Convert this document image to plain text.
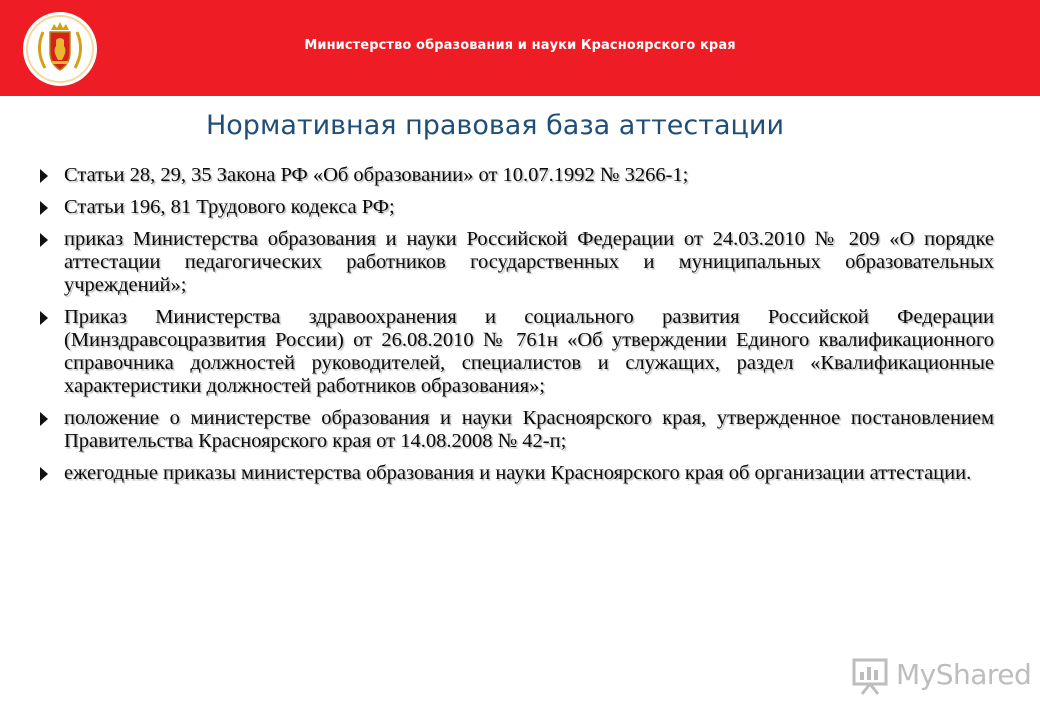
Министерство образования и науки Красноярского края
Нормативная правовая база аттестации
Статьи 28, 29, 35 Закона РФ «Об образовании» от 10.07.1992 № 3266-1;
Статьи 196, 81 Трудового кодекса РФ;
приказ Министерства образования и науки Российской Федерации от 24.03.2010 № 209 «О порядке аттестации педагогических работников государственных и муниципальных образовательных учреждений»;
Приказ Министерства здравоохранения и социального развития Российской Федерации (Минздравсоцразвития России) от 26.08.2010 № 761н «Об утверждении Единого квалификационного справочника должностей руководителей, специалистов и служащих, раздел «Квалификационные характеристики должностей работников образования»;
положение о министерстве образования и науки Красноярского края, утвержденное постановлением Правительства Красноярского края от 14.08.2008 № 42-п;
ежегодные приказы министерства образования и науки Красноярского края об организации аттестации.
MyShared
